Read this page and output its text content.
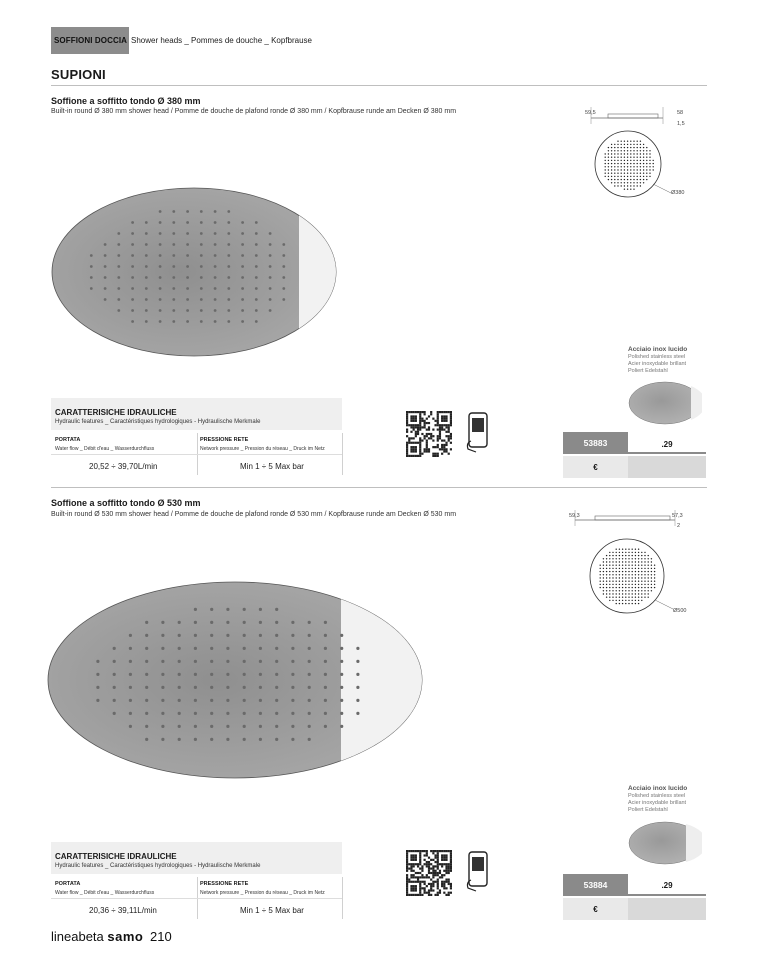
SOFFIONI DOCCIA Shower heads _ Pommes de douche _ Kopfbrause
SUPIONI
Soffione a soffitto tondo Ø 380 mm
Built-in round Ø 380 mm shower head / Pomme de douche de plafond ronde Ø 380 mm / Kopfbrause runde am Decken Ø 380 mm	59,5	58
1,5
Ø380
CARATTERISICHE IDRAULICHE
Hydraulic features _ Caractéristiques hydrologiques - Hydraulische Merkmale
PORTATA
Water flow _ Débit d'eau _ Wasserdurchfluss
PRESSIONE RETE
Network pressure _ Pression du réseau _ Druck im Netz
20,52 ÷ 39,70L/min	Min 1 ÷ 5 Max bar
Acciaio inox lucido
Polished stainless steel
Acier inoxydable brillant
Poliert Edelstahl
53883	.29
€
Soffione a soffitto tondo Ø 530 mm
Built-in round Ø 530 mm shower head / Pomme de douche de plafond ronde Ø 530 mm / Kopfbrause runde am Decken Ø 530 mm	59,3	57,3
2
Ø500
CARATTERISICHE IDRAULICHE
Hydraulic features _ Caractéristiques hydrologiques - Hydraulische Merkmale
PORTATA
Water flow _ Débit d'eau _ Wasserdurchfluss
PRESSIONE RETE
Network pressure _ Pression du réseau _ Druck im Netz
20,36 ÷ 39,11L/min	Min 1 ÷ 5 Max bar
Acciaio inox lucido
Polished stainless steel
Acier inoxydable brillant
Poliert Edelstahl
53884	.29
€
lineabeta samo 210
